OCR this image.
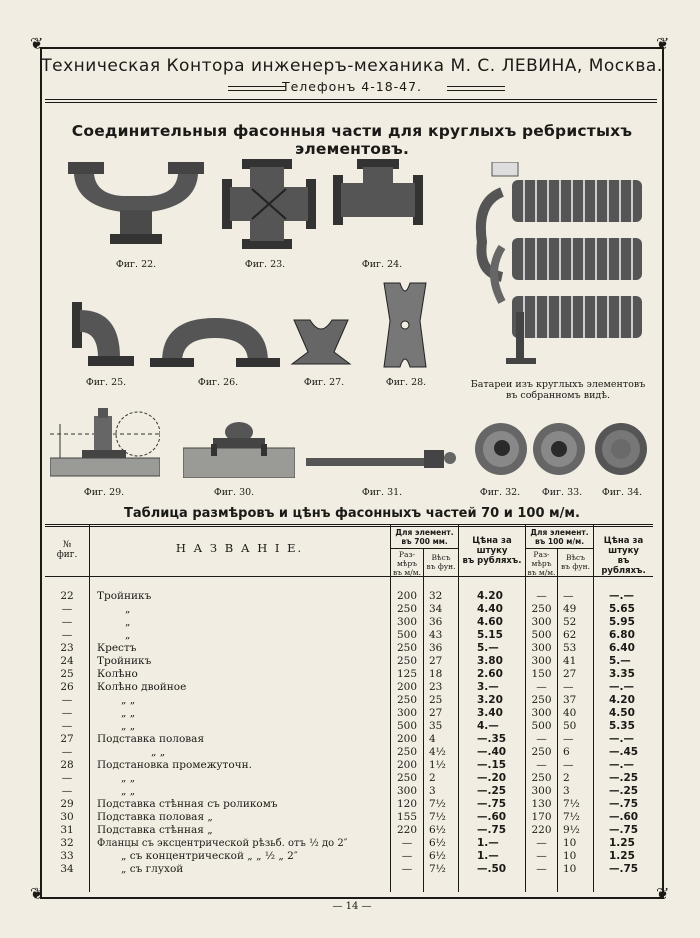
❦	❦
❦	❦
Техническая Контора инженеръ-механика М. С. ЛЕВИНА, Москва.
Телефонъ 4-18-47.
Соединительныя фасонныя части для круглыхъ ребристыхъ элементовъ.
Фиг. 22.	Фиг. 23.	Фиг. 24.
Батареи изъ круглыхъ элементовъ
въ собранномъ видѣ.
Фиг. 25.	Фиг. 26.	Фиг. 27.	Фиг. 28.
Фиг. 29.	Фиг. 30.	Фиг. 31.	Фиг. 32.	Фиг. 33.	Фиг. 34.
Таблица размѣровъ и цѣнъ фасонныхъ частей 70 и 100 м/м.
№
фиг.	Н А З В А Н І Е.
Для элемент. въ 700 мм.
Раз-
мѣръ
въ м/м.
Вѣсъ
въ фун.
Цѣна за
штуку
въ рубляхъ.
Для элемент. въ 100 м/м.
Раз-
мѣръ
въ м/м.
Вѣсъ
въ фун.
Цѣна за
штуку
въ рубляхъ.
22	Тройникъ	200	32	4.20	—	—	—.—
—	„	250	34	4.40	250	49	5.65
—	„	300	36	4.60	300	52	5.95
—	„	500	43	5.15	500	62	6.80
23	Крестъ	250	36	5.—	300	53	6.40
24	Тройникъ	250	27	3.80	300	41	5.—
25	Колѣно	125	18	2.60	150	27	3.35
26	Колѣно двойное	200	23	3.—	—	—	—.—
—	„ „	250	25	3.20	250	37	4.20
—	„ „	300	27	3.40	300	40	4.50
—	„ „	500	35	4.—	500	50	5.35
27	Подставка половая	200	4	—.35	—	—	—.—
—	„ „	250	4½	—.40	250	6	—.45
28	Подстановка промежуточн.	200	1½	—.15	—	—	—.—
—	„ „	250	2	—.20	250	2	—.25
—	„ „	300	3	—.25	300	3	—.25
29	Подставка стѣнная съ роликомъ	120	7½	—.75	130	7½	—.75
30	Подставка половая „	155	7½	—.60	170	7½	—.60
31	Подставка стѣнная „	220	6½	—.75	220	9½	—.75
32	Фланцы съ эксцентрической рѣзьб. отъ ½ до 2″	—	6½	1.—	—	10	1.25
33	„ съ концентрической „ „ ½ „ 2″	—	6½	1.—	—	10	1.25
34	„ съ глухой	—	7½	—.50	—	10	—.75
— 14 —
